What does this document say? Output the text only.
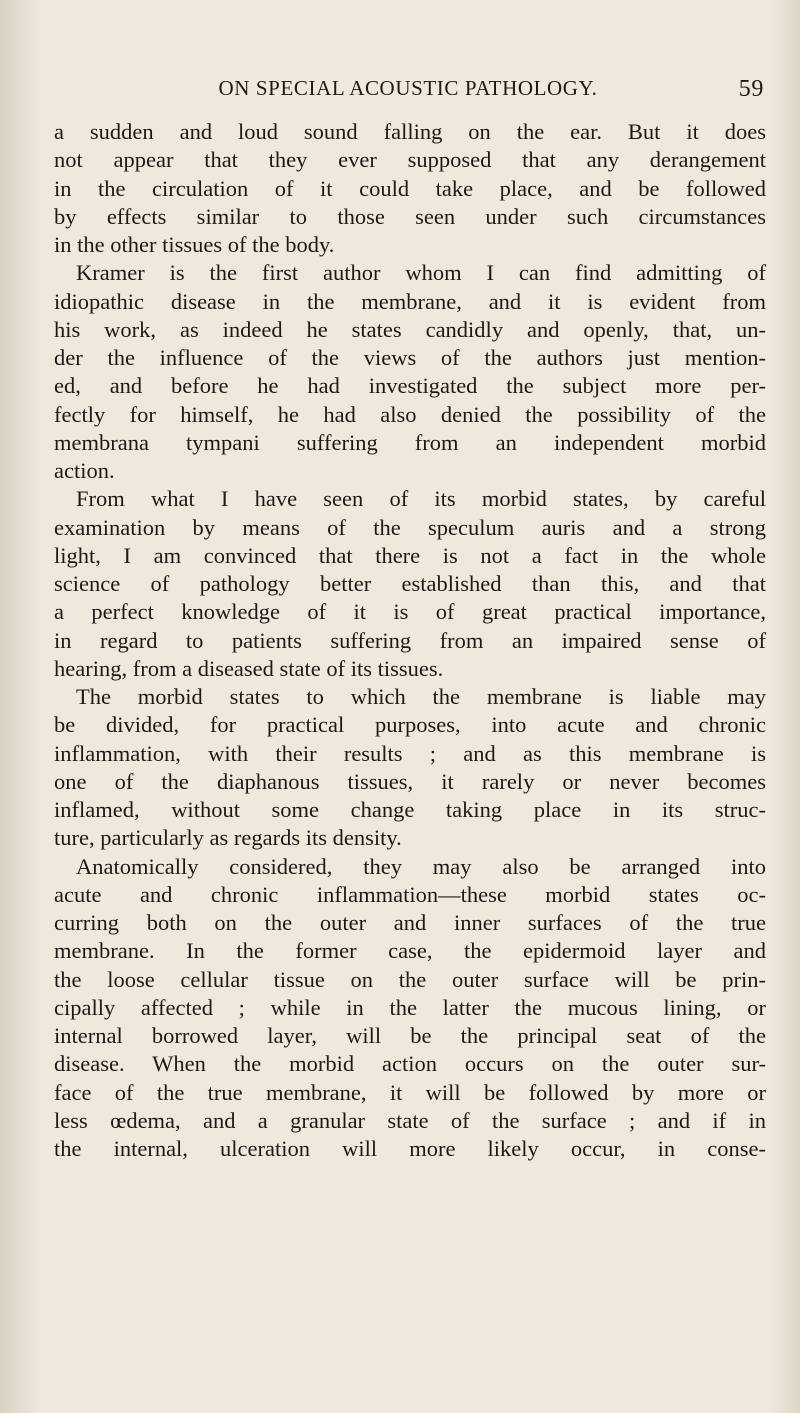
ON SPECIAL ACOUSTIC PATHOLOGY.	59
a sudden and loud sound falling on the ear. But it does
not appear that they ever supposed that any derangement
in the circulation of it could take place, and be followed
by effects similar to those seen under such circumstances
in the other tissues of the body.
Kramer is the first author whom I can find admitting of
idiopathic disease in the membrane, and it is evident from
his work, as indeed he states candidly and openly, that, un-
der the influence of the views of the authors just mention-
ed, and before he had investigated the subject more per-
fectly for himself, he had also denied the possibility of the
membrana tympani suffering from an independent morbid
action.
From what I have seen of its morbid states, by careful
examination by means of the speculum auris and a strong
light, I am convinced that there is not a fact in the whole
science of pathology better established than this, and that
a perfect knowledge of it is of great practical importance,
in regard to patients suffering from an impaired sense of
hearing, from a diseased state of its tissues.
The morbid states to which the membrane is liable may
be divided, for practical purposes, into acute and chronic
inflammation, with their results ; and as this membrane is
one of the diaphanous tissues, it rarely or never becomes
inflamed, without some change taking place in its struc-
ture, particularly as regards its density.
Anatomically considered, they may also be arranged into
acute and chronic inflammation—these morbid states oc-
curring both on the outer and inner surfaces of the true
membrane. In the former case, the epidermoid layer and
the loose cellular tissue on the outer surface will be prin-
cipally affected ; while in the latter the mucous lining, or
internal borrowed layer, will be the principal seat of the
disease. When the morbid action occurs on the outer sur-
face of the true membrane, it will be followed by more or
less œdema, and a granular state of the surface ; and if in
the internal, ulceration will more likely occur, in conse-
